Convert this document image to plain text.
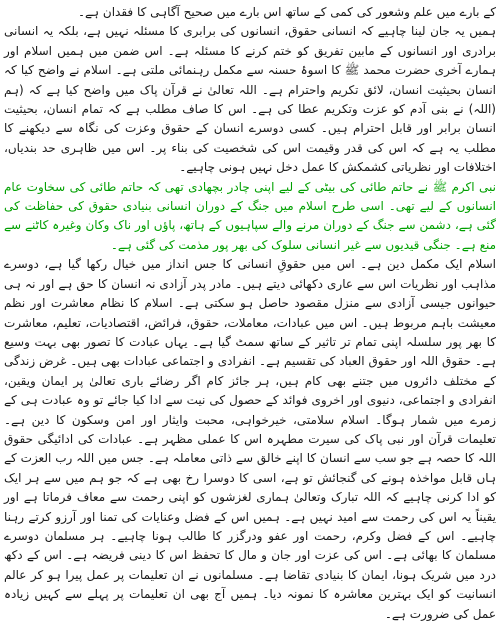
کے بارے میں علم وشعور کی کمی کے ساتھ اس بارے میں صحیح آگاہی کا فقدان ہے۔
ہمیں یہ جان لینا چاہیے کہ انسانی حقوق، انسانوں کی برابری کا مسئلہ نہیں ہے، بلکہ یہ انسانی برادری اور انسانوں کے مابین تفریق کو ختم کرنے کا مسئلہ ہے۔ اس ضمن میں ہمیں اسلام اور ہمارے آخری حضرت محمد ﷺ کا اسوۂ حسنہ سے مکمل رہنمائی ملتی ہے۔ اسلام نے واضح کیا کہ انسان بحیثیت انسان، لائق تکریم واحترام ہے۔ اللہ تعالیٰ نے قرآن پاک میں واضح کیا ہے کہ (ہم (اللہ) نے بنی آدم کو عزت وتکریم عطا کی ہے۔ اس کا صاف مطلب ہے کہ تمام انسان، بحیثیت انسان برابر اور قابل احترام ہیں۔ کسی دوسرے انسان کے حقوق وعزت کی نگاہ سے دیکھنے کا مطلب یہ ہے کہ اس کی قدر وقیمت اس کی شخصیت کی بناء پر۔ اس میں ظاہری حد بندیاں، اختلافات اور نظریاتی کشمکش کا عمل دخل نہیں ہونی چاہیے۔

نبی اکرم ﷺ نے حاتم طائی کی بیٹی کے لیے اپنی چادر بچھادی تھی کہ حاتم طائی کی سخاوت عام انسانوں کے لیے تھی۔ اسی طرح اسلام میں جنگ کے دوران انسانی بنیادی حقوق کی حفاظت کی گئی ہے، دشمن سے جنگ کے دوران مرنے والے سپاہیوں کے ہاتھ، پاؤں اور ناک وکان وغیرہ کاٹنے سے منع ہے۔ جنگی قیدیوں سے غیر انسانی سلوک کی بھر پور مذمت کی گئی ہے۔

اسلام ایک مکمل دین ہے۔ اس میں حقوقِ انسانی کا جس انداز میں خیال رکھا گیا ہے، دوسرے مذاہب اور نظریات اس سے عاری دکھائی دیتے ہیں۔ مادر پدر آزادی نہ انسان کا حق ہے اور نہ ہی حیوانوں جیسی آزادی سے منزل مقصود حاصل ہو سکتی ہے۔ اسلام کا نظام معاشرت اور نظم معیشت باہم مربوط ہیں۔ اس میں عبادات، معاملات، حقوق، فرائض، اقتصادیات، تعلیم، معاشرت کا بھر پور سلسلہ اپنی تمام تر تاثیر کے ساتھ سمٹ گیا ہے۔ یہاں عبادت کا تصور بھی بہت وسیع ہے۔ حقوق اللہ اور حقوق العباد کی تقسیم ہے۔ انفرادی و اجتماعی عبادات بھی ہیں۔ غرض زندگی کے مختلف دائروں میں جتنے بھی کام ہیں، ہر جائز کام اگر رضائے باری تعالیٰ پر ایمان ویقین، انفرادی و اجتماعی، دنیوی اور اخروی فوائد کے حصول کی نیت سے ادا کیا جائے تو وہ عبادت ہی کے زمرے میں شمار ہوگا۔ اسلام سلامتی، خیرخواہی، محبت وایثار اور امن وسکون کا دین ہے۔ تعلیمات قرآن اور نبی پاک کی سیرت مطہرہ اس کا عملی مظہر ہے۔ عبادات کی ادائیگی حقوق اللہ کا حصہ ہے جو سب سے انسان کا اپنے خالق سے ذاتی معاملہ ہے۔ جس میں اللہ رب العزت کے ہاں قابل مواخذہ ہونے کی گنجائش تو ہے، اسی کا دوسرا رخ بھی ہے کہ جو ہم میں سے ہر ایک کو ادا کرنی چاہیے کہ اللہ تبارک وتعالیٰ ہماری لغزشوں کو اپنی رحمت سے معاف فرماتا ہے اور یقیناً یہ اس کی رحمت سے امید نہیں ہے۔ ہمیں اس کے فضل وعنایات کی تمنا اور آرزو کرتے رہنا چاہیے۔ اس کے فضل وکرم، رحمت اور عفو ودرگزر کا طالب ہونا چاہیے۔ ہر مسلمان دوسرے مسلمان کا بھائی ہے۔ اس کی عزت اور جان و مال کا تحفظ اس کا دینی فریضہ ہے۔ اس کے دکھ درد میں شریک ہونا، ایمان کا بنیادی تقاضا ہے۔ مسلمانوں نے ان تعلیمات پر عمل پیرا ہو کر عالم انسانیت کو ایک بہترین معاشرہ کا نمونہ دیا۔ ہمیں آج بھی ان تعلیمات پر پہلے سے کہیں زیادہ عمل کی ضرورت ہے۔
